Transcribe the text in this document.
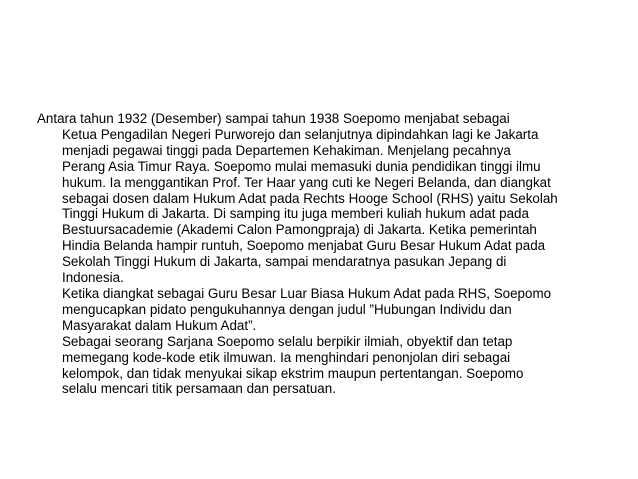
Antara tahun 1932 (Desember) sampai tahun 1938 Soepomo menjabat sebagai
Ketua Pengadilan Negeri Purworejo dan selanjutnya dipindahkan lagi ke Jakarta
menjadi pegawai tinggi pada Departemen Kehakiman. Menjelang pecahnya
Perang Asia Timur Raya. Soepomo mulai memasuki dunia pendidikan tinggi ilmu
hukum. Ia menggantikan Prof. Ter Haar yang cuti ke Negeri Belanda, dan diangkat
sebagai dosen dalam Hukum Adat pada Rechts Hooge School (RHS) yaitu Sekolah
Tinggi Hukum di Jakarta. Di samping itu juga memberi kuliah hukum adat pada
Bestuursacademie (Akademi Calon Pamongpraja) di Jakarta. Ketika pemerintah
Hindia Belanda hampir runtuh, Soepomo menjabat Guru Besar Hukum Adat pada
Sekolah Tinggi Hukum di Jakarta, sampai mendaratnya pasukan Jepang di
Indonesia.
Ketika diangkat sebagai Guru Besar Luar Biasa Hukum Adat pada RHS, Soepomo
mengucapkan pidato pengukuhannya dengan judul ”Hubungan Individu dan
Masyarakat dalam Hukum Adat”.
Sebagai seorang Sarjana Soepomo selalu berpikir ilmiah, obyektif dan tetap
memegang kode-kode etik ilmuwan. Ia menghindari penonjolan diri sebagai
kelompok, dan tidak menyukai sikap ekstrim maupun pertentangan. Soepomo
selalu mencari titik persamaan dan persatuan.
